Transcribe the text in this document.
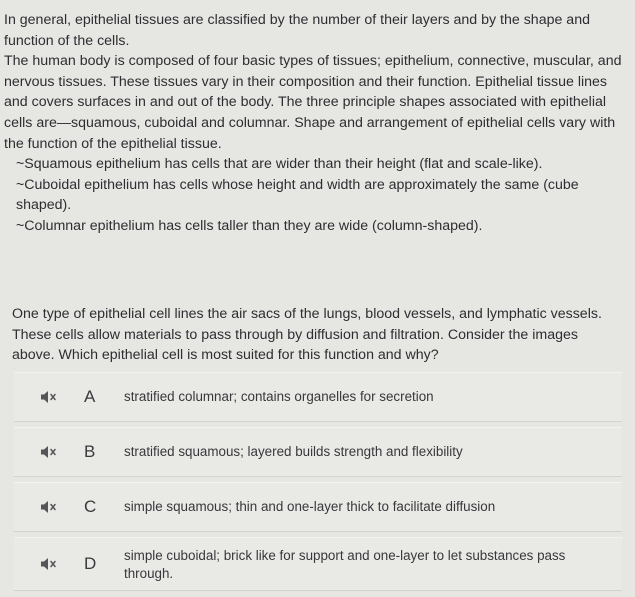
In general, epithelial tissues are classified by the number of their layers and by the shape and function of the cells.

The human body is composed of four basic types of tissues; epithelium, connective, muscular, and nervous tissues. These tissues vary in their composition and their function. Epithelial tissue lines and covers surfaces in and out of the body. The three principle shapes associated with epithelial cells are—squamous, cuboidal and columnar. Shape and arrangement of epithelial cells vary with the function of the epithelial tissue.

~Squamous epithelium has cells that are wider than their height (flat and scale-like).

~Cuboidal epithelium has cells whose height and width are approximately the same (cube shaped).

~Columnar epithelium has cells taller than they are wide (column-shaped).

One type of epithelial cell lines the air sacs of the lungs, blood vessels, and lymphatic vessels. These cells allow materials to pass through by diffusion and filtration. Consider the images above. Which epithelial cell is most suited for this function and why?

A stratified columnar; contains organelles for secretion
B stratified squamous; layered builds strength and flexibility
C simple squamous; thin and one-layer thick to facilitate diffusion
D simple cuboidal; brick like for support and one-layer to let substances pass through.
